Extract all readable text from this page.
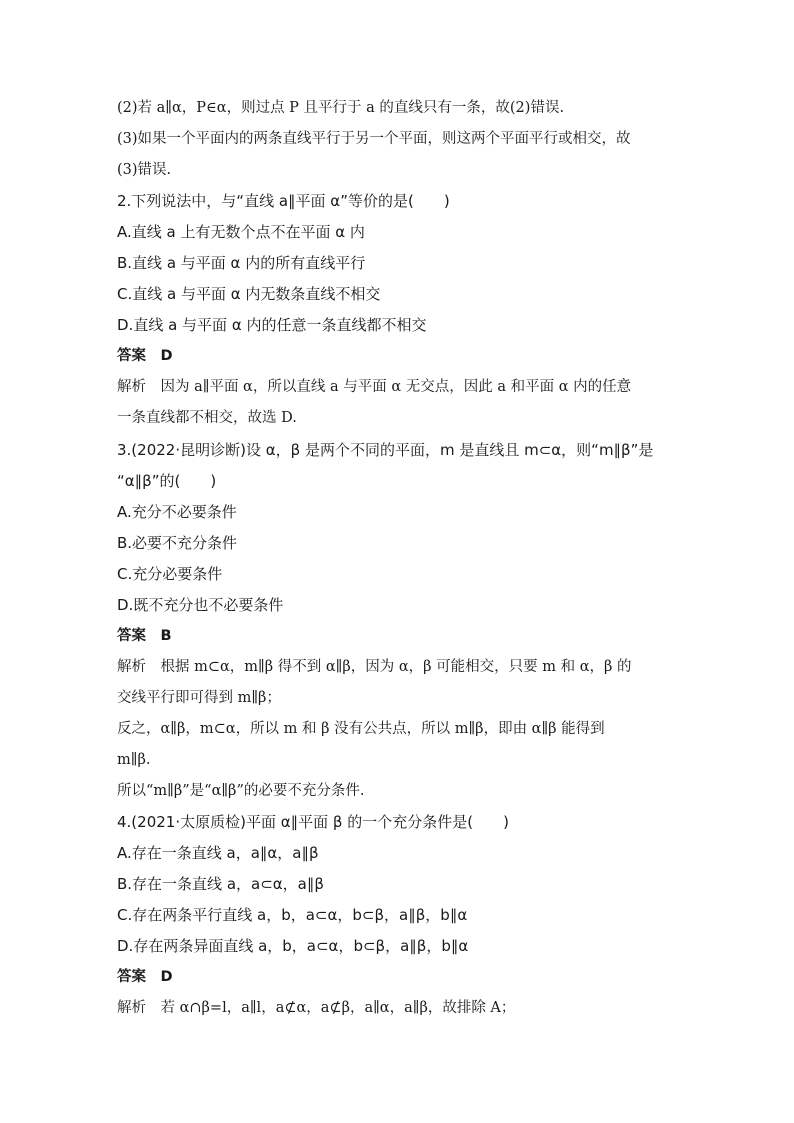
(2)若 a∥α，P∈α，则过点 P 且平行于 a 的直线只有一条，故(2)错误.
(3)如果一个平面内的两条直线平行于另一个平面，则这两个平面平行或相交，故
(3)错误.
2.下列说法中，与“直线 a∥平面 α”等价的是(　　)
A.直线 a 上有无数个点不在平面 α 内
B.直线 a 与平面 α 内的所有直线平行
C.直线 a 与平面 α 内无数条直线不相交
D.直线 a 与平面 α 内的任意一条直线都不相交
答案　D
解析　因为 a∥平面 α，所以直线 a 与平面 α 无交点，因此 a 和平面 α 内的任意
一条直线都不相交，故选 D.
3.(2022·昆明诊断)设 α，β 是两个不同的平面，m 是直线且 m⊂α，则“m∥β”是
“α∥β”的(　　)
A.充分不必要条件
B.必要不充分条件
C.充分必要条件
D.既不充分也不必要条件
答案　B
解析　根据 m⊂α，m∥β 得不到 α∥β，因为 α，β 可能相交，只要 m 和 α，β 的
交线平行即可得到 m∥β；
反之，α∥β，m⊂α，所以 m 和 β 没有公共点，所以 m∥β，即由 α∥β 能得到
m∥β.
所以“m∥β”是“α∥β”的必要不充分条件.
4.(2021·太原质检)平面 α∥平面 β 的一个充分条件是(　　)
A.存在一条直线 a，a∥α，a∥β
B.存在一条直线 a，a⊂α，a∥β
C.存在两条平行直线 a，b，a⊂α，b⊂β，a∥β，b∥α
D.存在两条异面直线 a，b，a⊂α，b⊂β，a∥β，b∥α
答案　D
解析　若 α∩β=l，a∥l，a⊄α，a⊄β，a∥α，a∥β，故排除 A；
